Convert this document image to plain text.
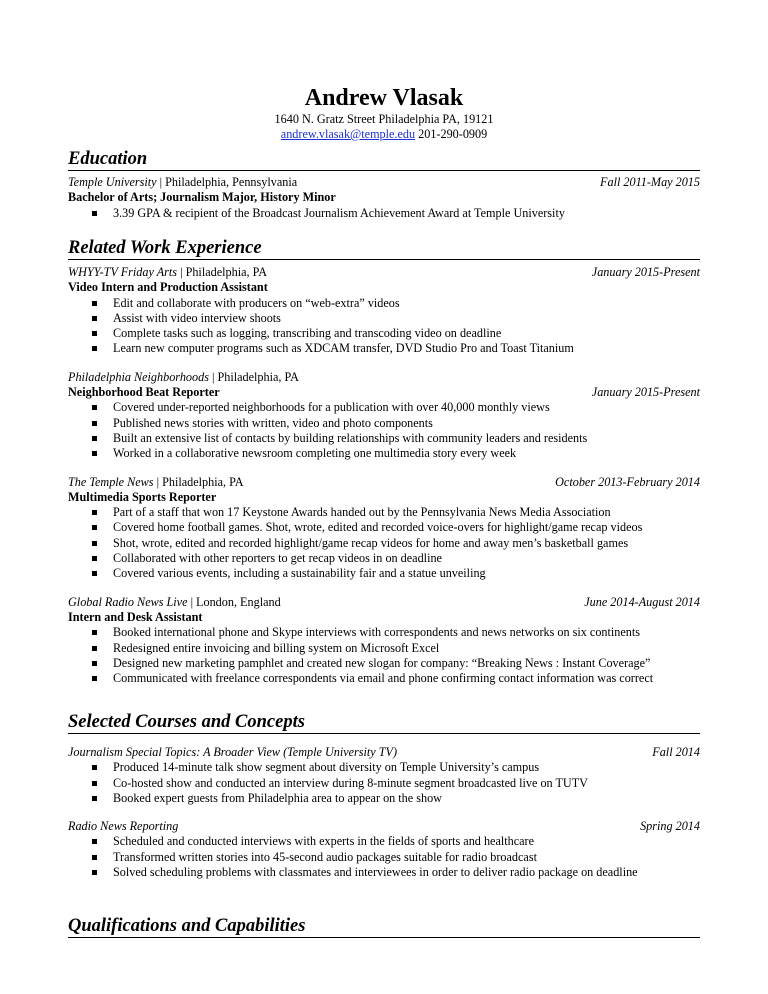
Andrew Vlasak
1640 N. Gratz Street Philadelphia PA, 19121
andrew.vlasak@temple.edu 201-290-0909
Education
Temple University | Philadelphia, Pennsylvania	Fall 2011-May 2015
Bachelor of Arts; Journalism Major, History Minor
3.39 GPA & recipient of the Broadcast Journalism Achievement Award at Temple University
Related Work Experience
WHYY-TV Friday Arts | Philadelphia, PA	January 2015-Present
Video Intern and Production Assistant
Edit and collaborate with producers on “web-extra” videos
Assist with video interview shoots
Complete tasks such as logging, transcribing and transcoding video on deadline
Learn new computer programs such as XDCAM transfer, DVD Studio Pro and Toast Titanium
Philadelphia Neighborhoods | Philadelphia, PA
Neighborhood Beat Reporter	January 2015-Present
Covered under-reported neighborhoods for a publication with over 40,000 monthly views
Published news stories with written, video and photo components
Built an extensive list of contacts by building relationships with community leaders and residents
Worked in a collaborative newsroom completing one multimedia story every week
The Temple News | Philadelphia, PA	October 2013-February 2014
Multimedia Sports Reporter
Part of a staff that won 17 Keystone Awards handed out by the Pennsylvania News Media Association
Covered home football games. Shot, wrote, edited and recorded voice-overs for highlight/game recap videos
Shot, wrote, edited and recorded highlight/game recap videos for home and away men’s basketball games
Collaborated with other reporters to get recap videos in on deadline
Covered various events, including a sustainability fair and a statue unveiling
Global Radio News Live | London, England	June 2014-August 2014
Intern and Desk Assistant
Booked international phone and Skype interviews with correspondents and news networks on six continents
Redesigned entire invoicing and billing system on Microsoft Excel
Designed new marketing pamphlet and created new slogan for company: “Breaking News : Instant Coverage”
Communicated with freelance correspondents via email and phone confirming contact information was correct
Selected Courses and Concepts
Journalism Special Topics: A Broader View (Temple University TV)	Fall 2014
Produced 14-minute talk show segment about diversity on Temple University’s campus
Co-hosted show and conducted an interview during 8-minute segment broadcasted live on TUTV
Booked expert guests from Philadelphia area to appear on the show
Radio News Reporting	Spring 2014
Scheduled and conducted interviews with experts in the fields of sports and healthcare
Transformed written stories into 45-second audio packages suitable for radio broadcast
Solved scheduling problems with classmates and interviewees in order to deliver radio package on deadline
Qualifications and Capabilities
